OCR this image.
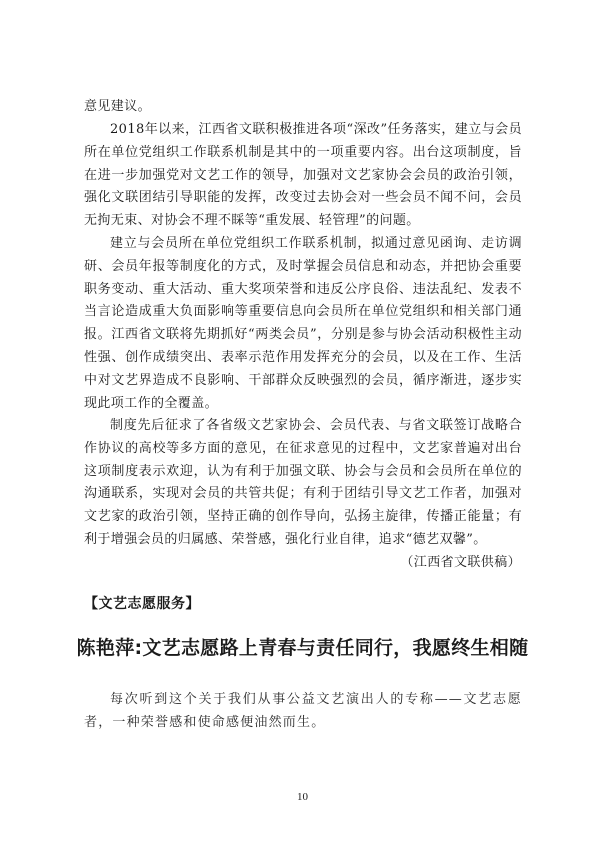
意见建议。

2018年以来，江西省文联积极推进各项“深改”任务落实，建立与会员所在单位党组织工作联系机制是其中的一项重要内容。出台这项制度，旨在进一步加强党对文艺工作的领导，加强对文艺家协会会员的政治引领，强化文联团结引导职能的发挥，改变过去协会对一些会员不闻不问，会员无拘无束、对协会不理不睬等“重发展、轻管理”的问题。

建立与会员所在单位党组织工作联系机制，拟通过意见函询、走访调研、会员年报等制度化的方式，及时掌握会员信息和动态，并把协会重要职务变动、重大活动、重大奖项荣誉和违反公序良俗、违法乱纪、发表不当言论造成重大负面影响等重要信息向会员所在单位党组织和相关部门通报。江西省文联将先期抓好“两类会员”，分别是参与协会活动积极性主动性强、创作成绩突出、表率示范作用发挥充分的会员，以及在工作、生活中对文艺界造成不良影响、干部群众反映强烈的会员，循序渐进，逐步实现此项工作的全覆盖。

制度先后征求了各省级文艺家协会、会员代表、与省文联签订战略合作协议的高校等多方面的意见，在征求意见的过程中，文艺家普遍对出台这项制度表示欢迎，认为有利于加强文联、协会与会员和会员所在单位的沟通联系，实现对会员的共管共促；有利于团结引导文艺工作者，加强对文艺家的政治引领，坚持正确的创作导向，弘扬主旋律，传播正能量；有利于增强会员的归属感、荣誉感，强化行业自律，追求“德艺双馨”。

（江西省文联供稿）

【文艺志愿服务】
陈艳萍:文艺志愿路上青春与责任同行，我愿终生相随

每次听到这个关于我们从事公益文艺演出人的专称——文艺志愿者，一种荣誉感和使命感便油然而生。

10
